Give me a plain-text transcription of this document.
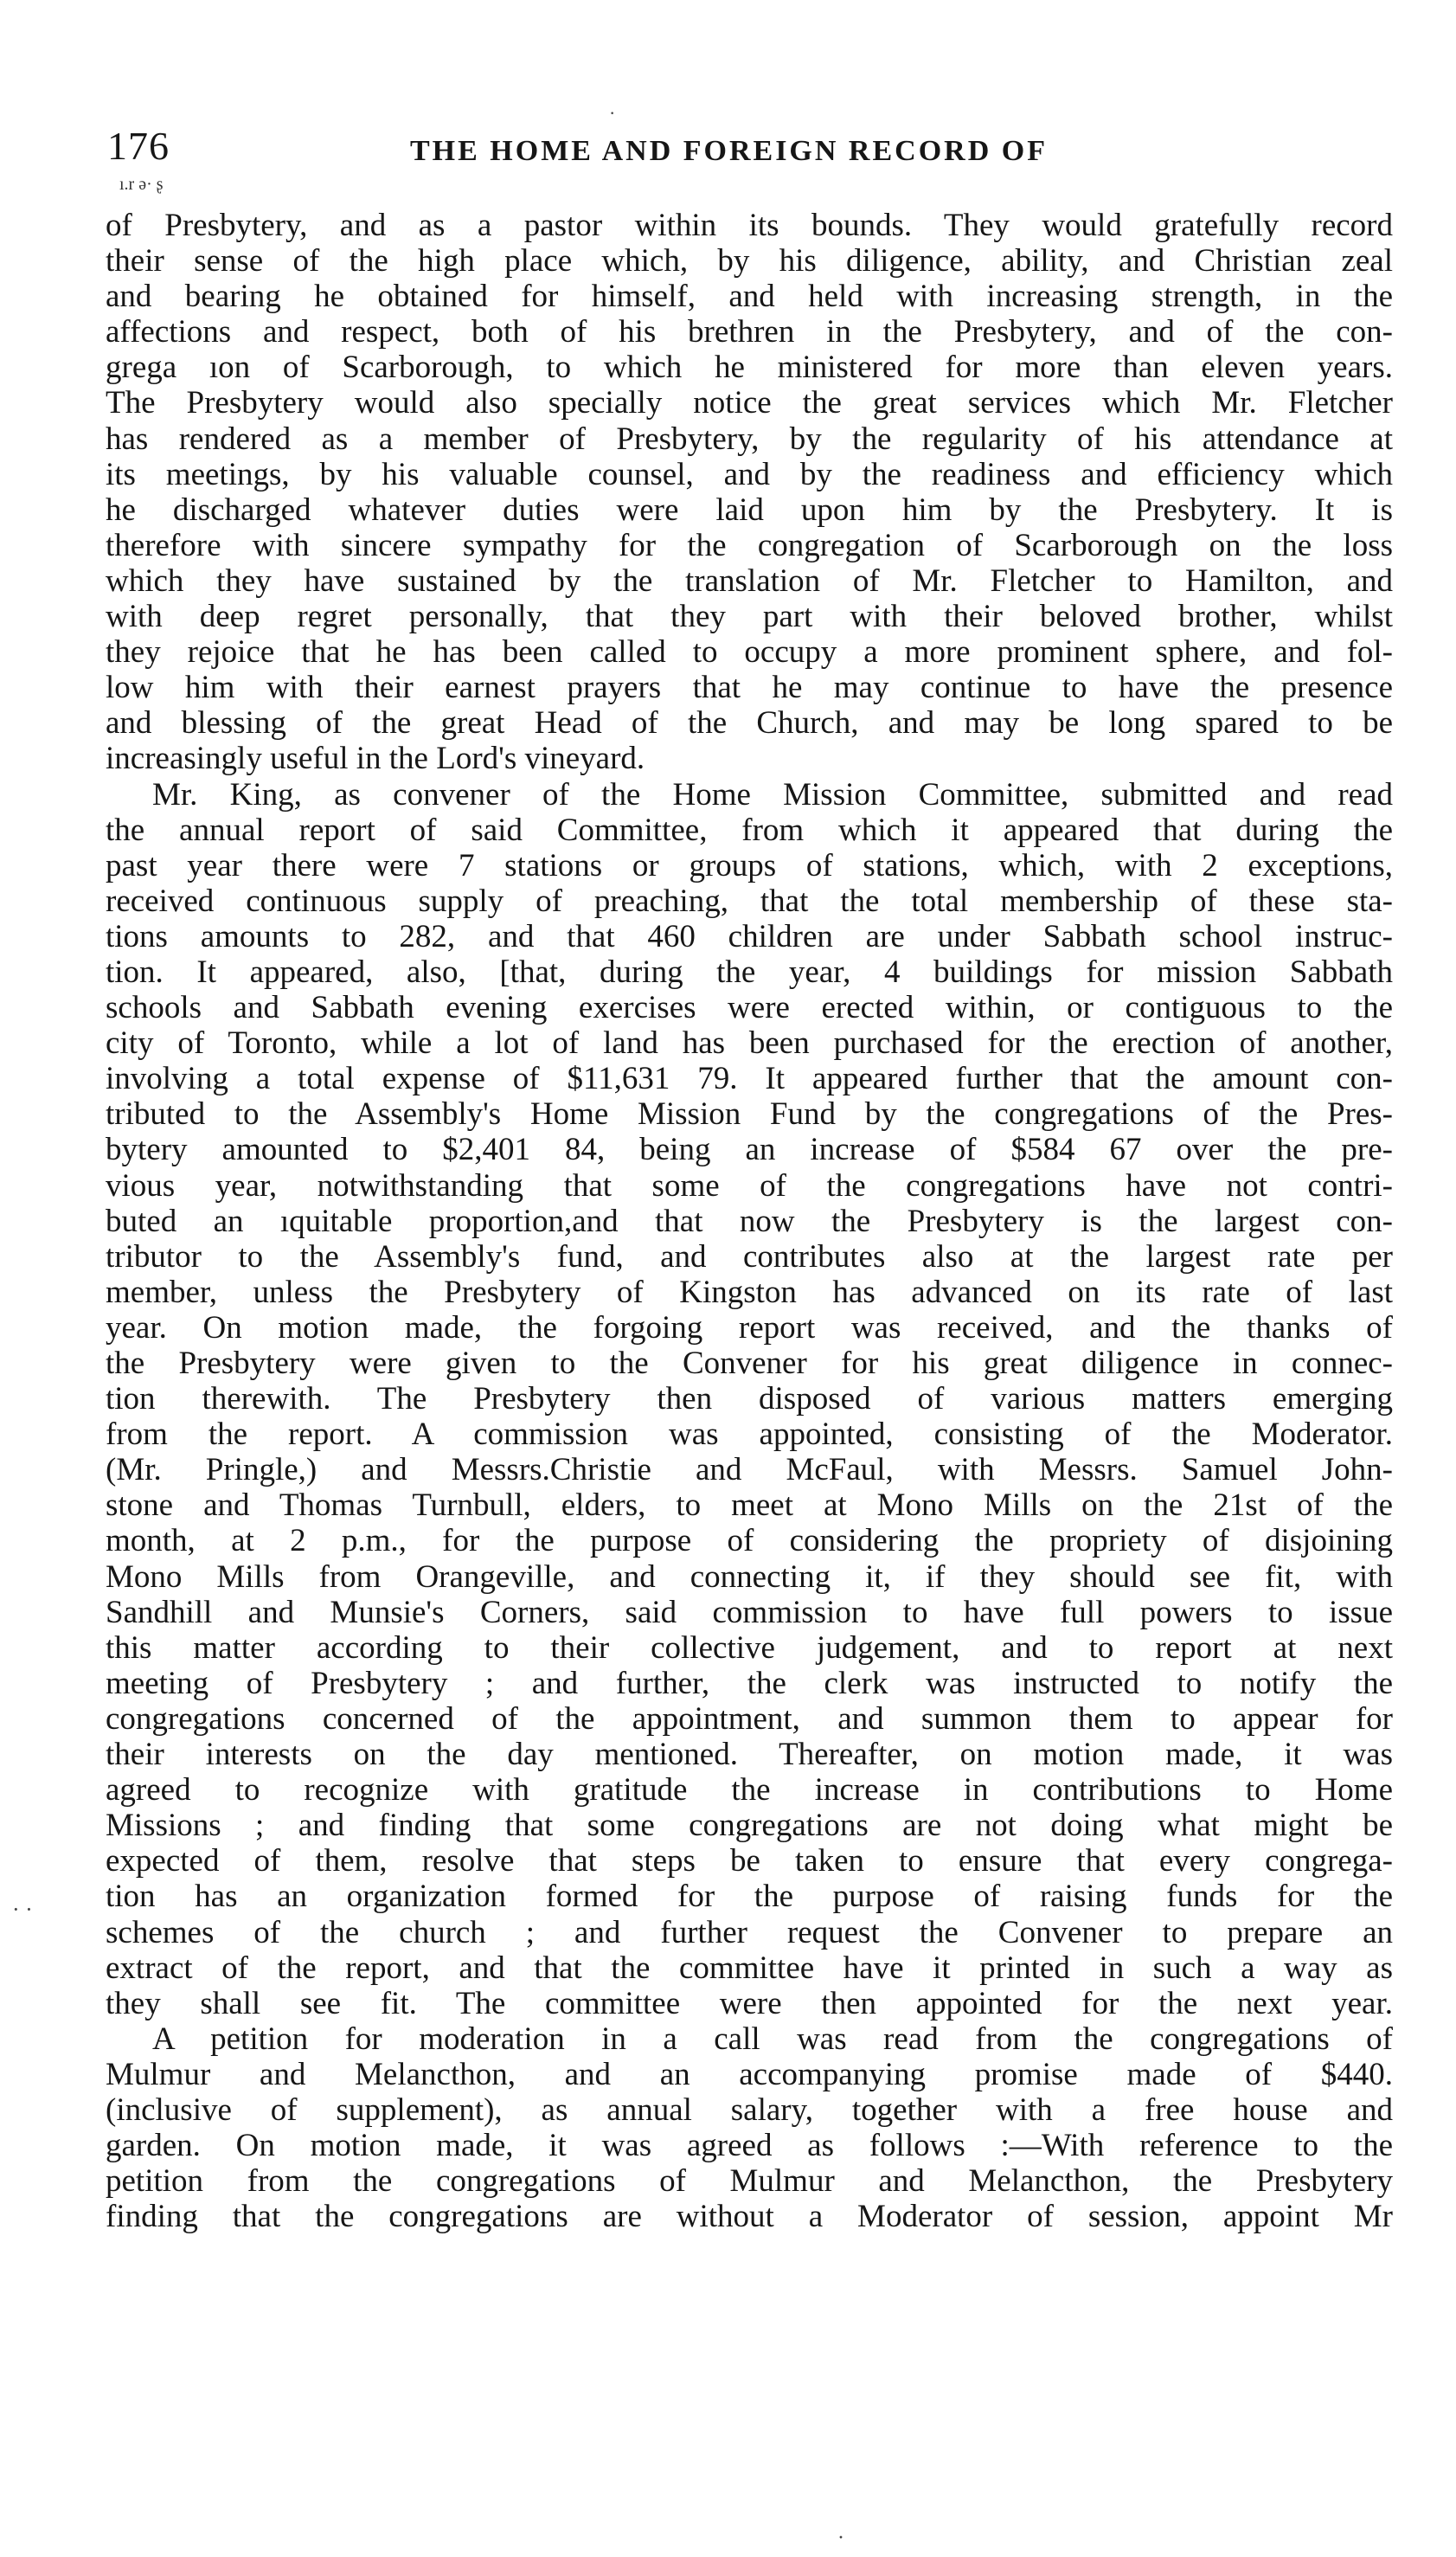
176	THE HOME AND FOREIGN RECORD OF
ı.r ə· ʂ
of Presbytery, and as a pastor within its bounds. They would gratefully record
their sense of the high place which, by his diligence, ability, and Christian zeal
and bearing he obtained for himself, and held with increasing strength, in the
affections and respect, both of his brethren in the Presbytery, and of the con-
grega ıon of Scarborough, to which he ministered for more than eleven years.
The Presbytery would also specially notice the great services which Mr. Fletcher
has rendered as a member of Presbytery, by the regularity of his attendance at
its meetings, by his valuable counsel, and by the readiness and efficiency which
he discharged whatever duties were laid upon him by the Presbytery. It is
therefore with sincere sympathy for the congregation of Scarborough on the loss
which they have sustained by the translation of Mr. Fletcher to Hamilton, and
with deep regret personally, that they part with their beloved brother, whilst
they rejoice that he has been called to occupy a more prominent sphere, and fol-
low him with their earnest prayers that he may continue to have the presence
and blessing of the great Head of the Church, and may be long spared to be
increasingly useful in the Lord's vineyard.
Mr. King, as convener of the Home Mission Committee, submitted and read
the annual report of said Committee, from which it appeared that during the
past year there were 7 stations or groups of stations, which, with 2 exceptions,
received continuous supply of preaching, that the total membership of these sta-
tions amounts to 282, and that 460 children are under Sabbath school instruc-
tion. It appeared, also, [that, during the year, 4 buildings for mission Sabbath
schools and Sabbath evening exercises were erected within, or contiguous to the
city of Toronto, while a lot of land has been purchased for the erection of another,
involving a total expense of $11,631 79. It appeared further that the amount con-
tributed to the Assembly's Home Mission Fund by the congregations of the Pres-
bytery amounted to $2,401 84, being an increase of $584 67 over the pre-
vious year, notwithstanding that some of the congregations have not contri-
buted an ıquitable proportion,and that now the Presbytery is the largest con-
tributor to the Assembly's fund, and contributes also at the largest rate per
member, unless the Presbytery of Kingston has advanced on its rate of last
year. On motion made, the forgoing report was received, and the thanks of
the Presbytery were given to the Convener for his great diligence in connec-
tion therewith. The Presbytery then disposed of various matters emerging
from the report. A commission was appointed, consisting of the Moderator.
(Mr. Pringle,) and Messrs.Christie and McFaul, with Messrs. Samuel John-
stone and Thomas Turnbull, elders, to meet at Mono Mills on the 21st of the
month, at 2 p.m., for the purpose of considering the propriety of disjoining
Mono Mills from Orangeville, and connecting it, if they should see fit, with
Sandhill and Munsie's Corners, said commission to have full powers to issue
this matter according to their collective judgement, and to report at next
meeting of Presbytery ; and further, the clerk was instructed to notify the
congregations concerned of the appointment, and summon them to appear for
their interests on the day mentioned. Thereafter, on motion made, it was
agreed to recognize with gratitude the increase in contributions to Home
Missions ; and finding that some congregations are not doing what might be
expected of them, resolve that steps be taken to ensure that every congrega-
tion has an organization formed for the purpose of raising funds for the
schemes of the church ; and further request the Convener to prepare an
extract of the report, and that the committee have it printed in such a way as
they shall see fit. The committee were then appointed for the next year.
A petition for moderation in a call was read from the congregations of
Mulmur and Melancthon, and an accompanying promise made of $440.
(inclusive of supplement), as annual salary, together with a free house and
garden. On motion made, it was agreed as follows :—With reference to the
petition from the congregations of Mulmur and Melancthon, the Presbytery
finding that the congregations are without a Moderator of session, appoint Mr
·
· ·
·
